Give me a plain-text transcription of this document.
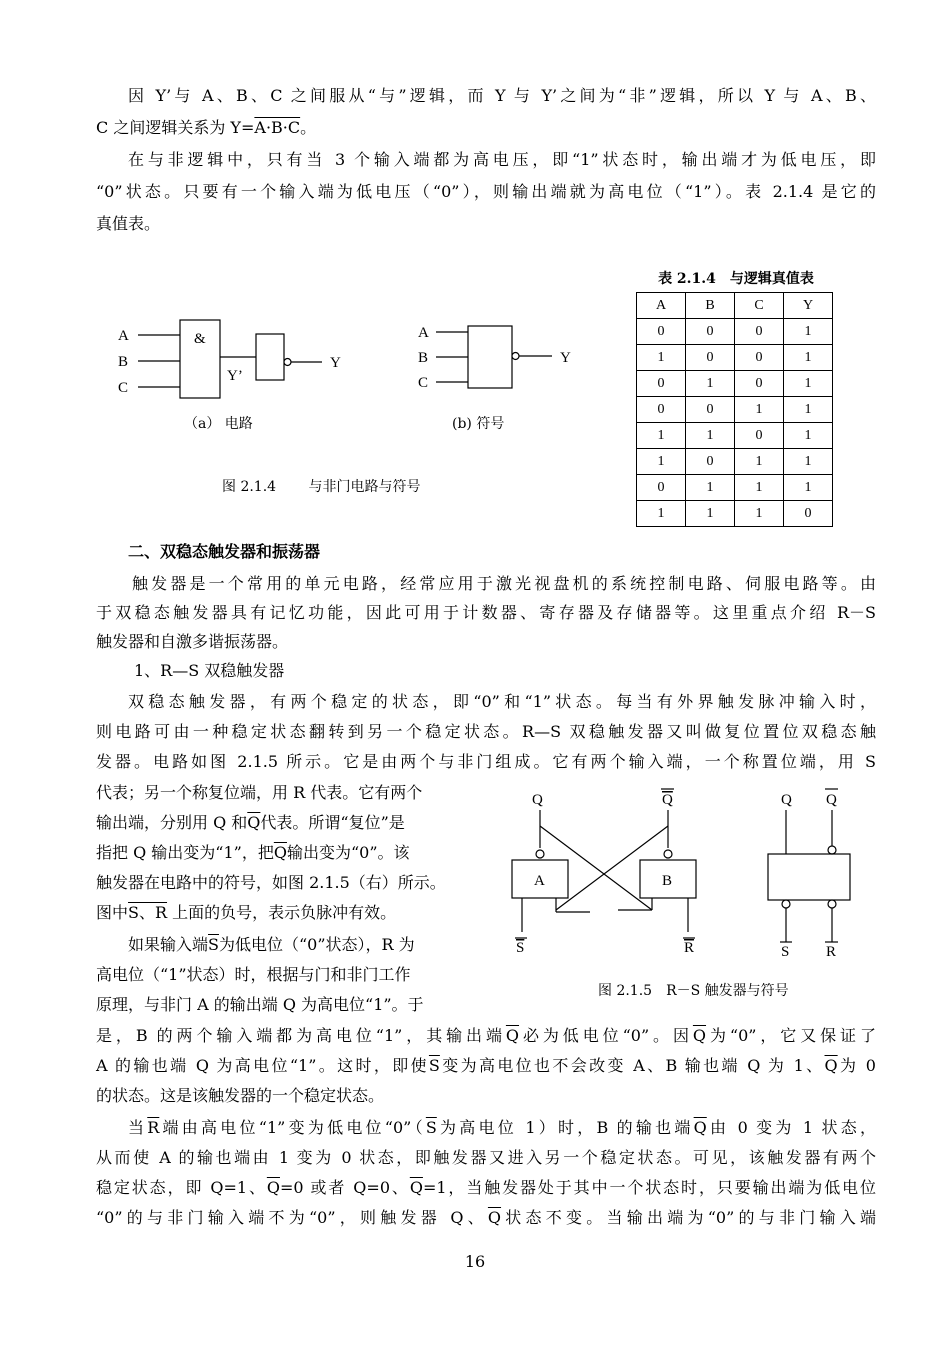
因 Y’与 A、B、C 之间服从“与”逻辑，而 Y 与 Y’之间为“非”逻辑，所以 Y 与 A、B、
C 之间逻辑关系为 Y=A·B·C。
在与非逻辑中，只有当 3 个输入端都为高电压，即“1”状态时，输出端才为低电压，即
“0”状态。只要有一个输入端为低电压（“0”），则输出端就为高电位（“1”）。表 2.1.4 是它的
真值表。
A
B
C
&
Y’
Y
（a） 电路
A
B
C
Y
(b) 符号
图 2.1.4 　　与非门电路与符号
表 2.1.4　与逻辑真值表
A	B	C	Y
0	0	0	1
1	0	0	1
0	1	0	1
0	0	1	1
1	1	0	1
1	0	1	1
0	1	1	1
1	1	1	0
二、双稳态触发器和振荡器
触发器是一个常用的单元电路，经常应用于激光视盘机的系统控制电路、伺服电路等。由
于双稳态触发器具有记忆功能，因此可用于计数器、寄存器及存储器等。这里重点介绍 R－S
触发器和自激多谐振荡器。
1、R—S 双稳触发器
双稳态触发器，有两个稳定的状态，即“0”和“1”状态。每当有外界触发脉冲输入时，
则电路可由一种稳定状态翻转到另一个稳定状态。R—S 双稳触发器又叫做复位置位双稳态触
发器。电路如图 2.1.5 所示。它是由两个与非门组成。它有两个输入端，一个称置位端，用 S
代表；另一个称复位端，用 R 代表。它有两个
输出端，分别用 Q 和$\overline{Q}$代表。所谓“复位”是
指把 Q 输出变为“1”，把$\overline{Q}$输出变为“0”。该
触发器在电路中的符号，如图 2.1.5（右）所示。
图中S、R 上面的负号，表示负脉冲有效。
如果输入端$\overline{S}$为低电位（“0”状态），R 为
高电位（“1”状态）时，根据与门和非门工作
原理，与非门 A 的输出端 Q 为高电位“1”。于
Q	Q
A	B
S	R
Q Q
S R
图 2.1.5　R－S 触发器与符号
是，B 的两个输入端都为高电位“1”，其输出端$\overline{Q}$必为低电位“0”。因$\overline{Q}$为“0”，它又保证了
A 的输也端 Q 为高电位“1”。这时，即使$\overline{S}$变为高电位也不会改变 A、B 输也端 Q 为 1、$\overline{Q}$为 0
的状态。这是该触发器的一个稳定状态。
当$\overline{R}$端由高电位“1”变为低电位“$0”(\overline{S}$为高电位 1）时，B 的输也端$\overline{Q}$由 0 变为 1 状态，
从而使 A 的输也端由 1 变为 0 状态，即触发器又进入另一个稳定状态。可见，该触发器有两个
稳定状态，即 Q=1、$\overline{Q}=0$ 或者 Q=0、$\overline{Q}=1$，当触发器处于其中一个状态时，只要输出端为低电位
“0”的与非门输入端不为“0”，则触发器 Q、$\overline{Q}$状态不变。当输出端为“0”的与非门输入端
16
